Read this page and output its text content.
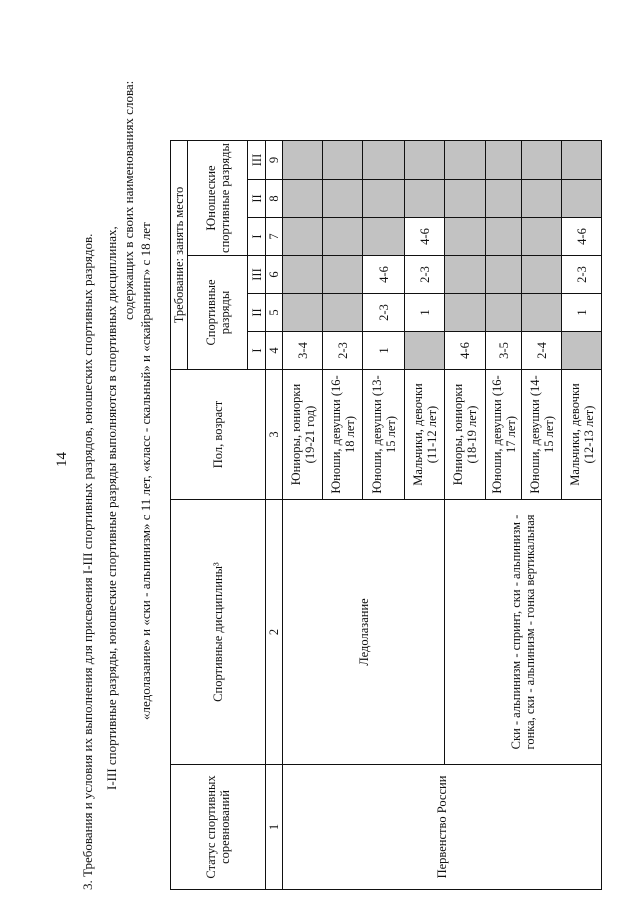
14 3. Требования и условия их выполнения для присвоения I-III спортивных разрядов, юношеских спортивных разрядов. I-III спортивные разряды, юношеские спортивные разряды выполняются в спортивных дисциплинах,
содержащих в своих наименованиях слова:
«ледолазание» и «ски - альпинизм» с 11 лет, «класс - скальный» и «скайраннинг» с 18 лет
Статус спортивных соревнований	Спортивные дисциплины³	Пол, возраст	Требование: занять место					
			Спортивные разряды			Юношеские спортивные разряды		
			I	II	III	I	II	III

1	2	3	4	5	6	7	8	9
Первенство России	Ледолазание	Юниоры, юниорки (19-21 год)	3-4					
		Юноши, девушки (16-18 лет)	2-3					
		Юноши, девушки (13-15 лет)	1	2-3	4-6			
		Мальчики, девочки (11-12 лет)		1	2-3	4-6		
	Ски - альпинизм - спринт, ски - альпинизм - гонка, ски - альпинизм - гонка вертикальная	Юниоры, юниорки (18-19 лет)	4-6					
		Юноши, девушки (16-17 лет)	3-5					
		Юноши, девушки (14-15 лет)	2-4					
		Мальчики, девочки (12-13 лет)		1	2-3	4-6		
